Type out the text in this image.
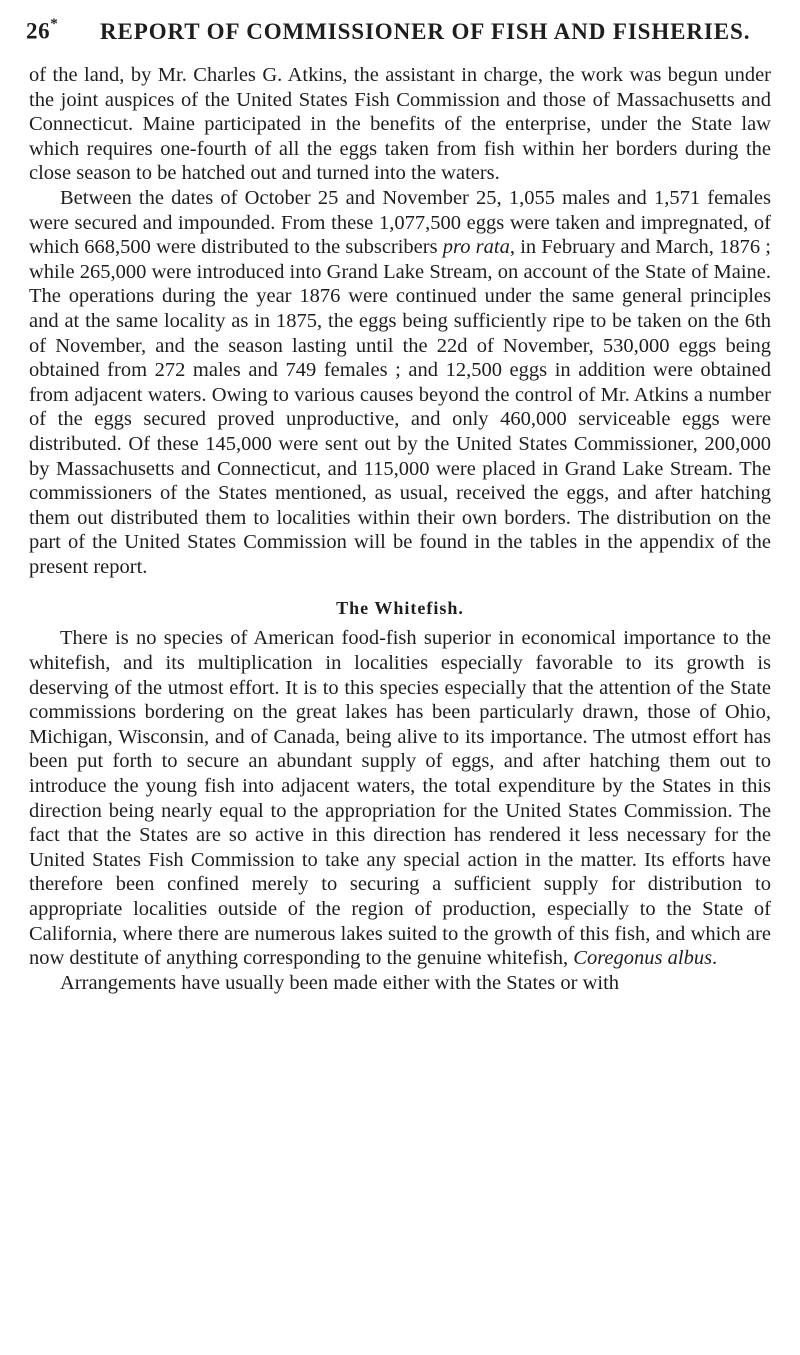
26* REPORT OF COMMISSIONER OF FISH AND FISHERIES.

of the land, by Mr. Charles G. Atkins, the assistant in charge, the work was begun under the joint auspices of the United States Fish Commission and those of Massachusetts and Connecticut. Maine participated in the benefits of the enterprise, under the State law which requires one-fourth of all the eggs taken from fish within her borders during the close season to be hatched out and turned into the waters.

Between the dates of October 25 and November 25, 1,055 males and 1,571 females were secured and impounded. From these 1,077,500 eggs were taken and impregnated, of which 668,500 were distributed to the subscribers pro rata, in February and March, 1876 ; while 265,000 were introduced into Grand Lake Stream, on account of the State of Maine. The operations during the year 1876 were continued under the same general principles and at the same locality as in 1875, the eggs being sufficiently ripe to be taken on the 6th of November, and the season lasting until the 22d of November, 530,000 eggs being obtained from 272 males and 749 females ; and 12,500 eggs in addition were obtained from adjacent waters. Owing to various causes beyond the control of Mr. Atkins a number of the eggs secured proved unproductive, and only 460,000 serviceable eggs were distributed. Of these 145,000 were sent out by the United States Commissioner, 200,000 by Massachusetts and Connecticut, and 115,000 were placed in Grand Lake Stream. The commissioners of the States mentioned, as usual, received the eggs, and after hatching them out distributed them to localities within their own borders. The distribution on the part of the United States Commission will be found in the tables in the appendix of the present report.

The Whitefish.

There is no species of American food-fish superior in economical importance to the whitefish, and its multiplication in localities especially favorable to its growth is deserving of the utmost effort. It is to this species especially that the attention of the State commissions bordering on the great lakes has been particularly drawn, those of Ohio, Michigan, Wisconsin, and of Canada, being alive to its importance. The utmost effort has been put forth to secure an abundant supply of eggs, and after hatching them out to introduce the young fish into adjacent waters, the total expenditure by the States in this direction being nearly equal to the appropriation for the United States Commission. The fact that the States are so active in this direction has rendered it less necessary for the United States Fish Commission to take any special action in the matter. Its efforts have therefore been confined merely to securing a sufficient supply for distribution to appropriate localities outside of the region of production, especially to the State of California, where there are numerous lakes suited to the growth of this fish, and which are now destitute of anything corresponding to the genuine whitefish, Coregonus albus.

Arrangements have usually been made either with the States or with
